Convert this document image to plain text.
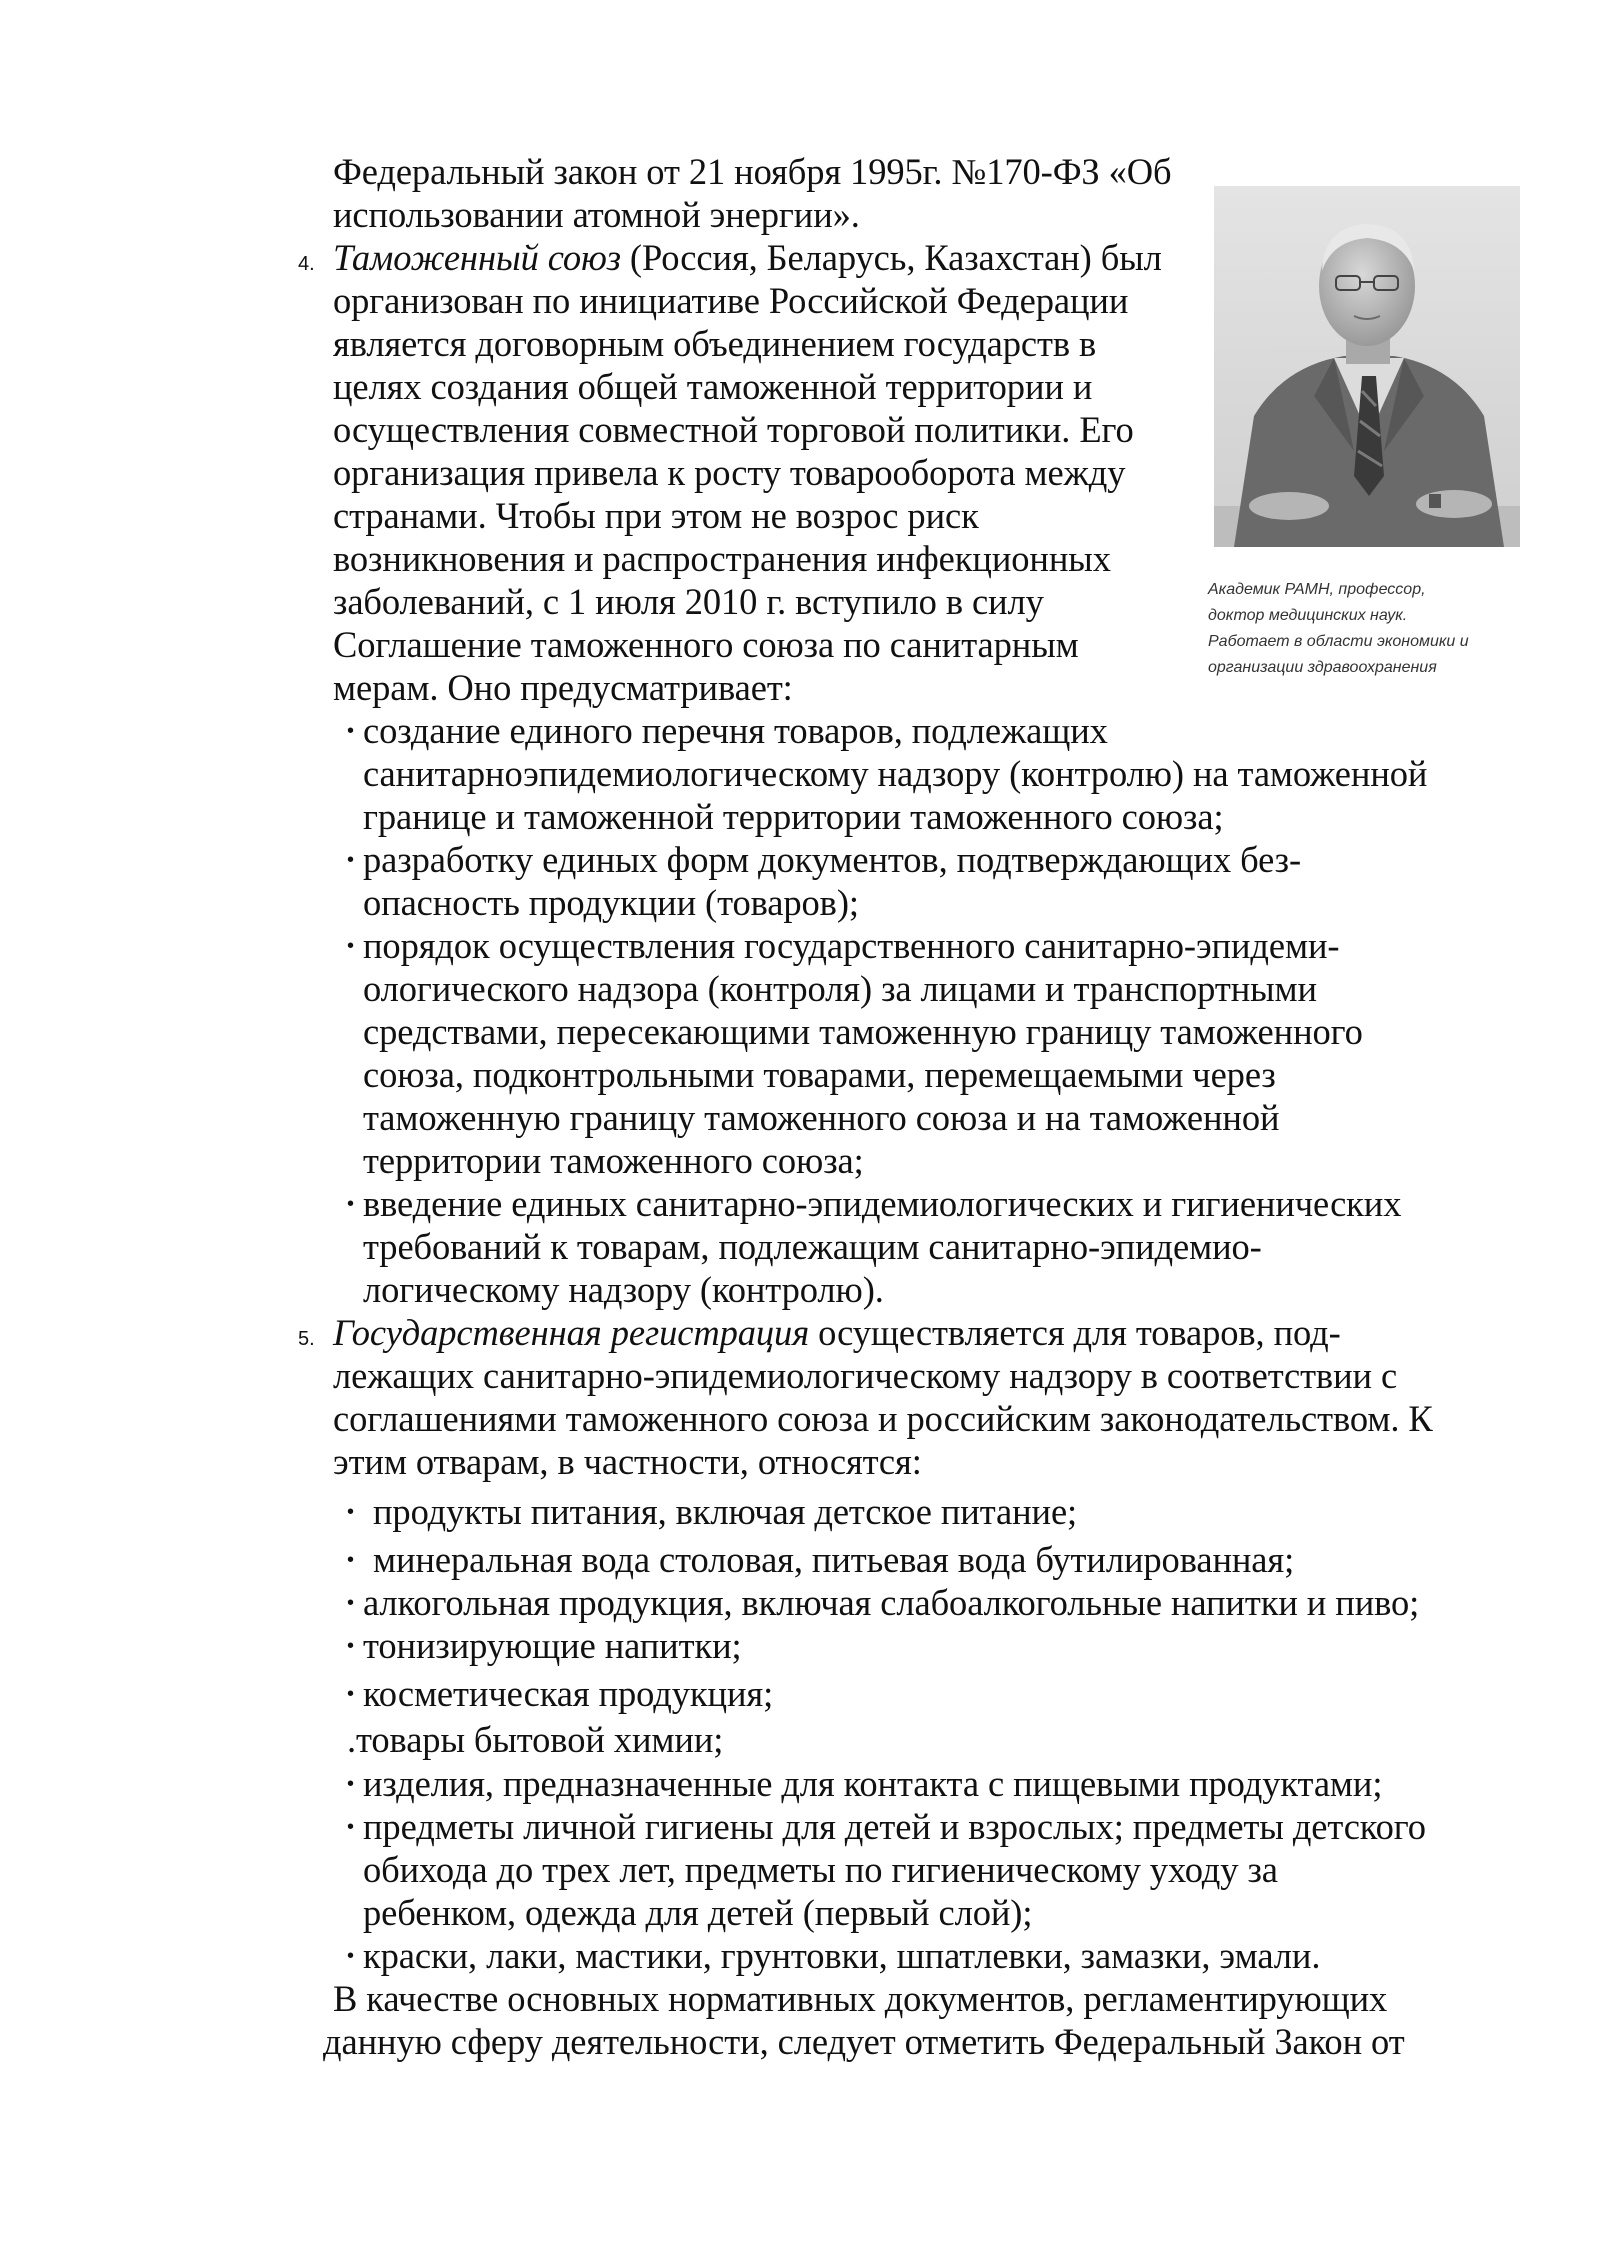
Федеральный закон от 21 ноября 1995г. №170-ФЗ «Об
использовании атомной энергии».
4. Таможенный союз (Россия, Беларусь, Казахстан) был
организован по инициативе Российской Федерации
является договорным объединением государств в
целях создания общей таможенной территории и
осуществления совместной торговой политики. Его
организация привела к росту товарооборота между
странами. Чтобы при этом не возрос риск
возникновения и распространения инфекционных
заболеваний, с 1 июля 2010 г. вступило в силу
Соглашение таможенного союза по санитарным
мерам. Оно предусматривает:
• создание единого перечня товаров, подлежащих
санитарноэпидемиологическому надзору (контролю) на таможенной
границе и таможенной территории таможенного союза;
• разработку единых форм документов, подтверждающих без-
опасность продукции (товаров);
• порядок осуществления государственного санитарно-эпидеми-
ологического надзора (контроля) за лицами и транспортными
средствами, пересекающими таможенную границу таможенного
союза, подконтрольными товарами, перемещаемыми через
таможенную границу таможенного союза и на таможенной
территории таможенного союза;
• введение единых санитарно-эпидемиологических и гигиенических
требований к товарам, подлежащим санитарно-эпидемио-
логическому надзору (контролю).
5. Государственная регистрация осуществляется для товаров, под-
лежащих санитарно-эпидемиологическому надзору в соответствии с
соглашениями таможенного союза и российским законодательством. К
этим отварам, в частности, относятся:
• продукты питания, включая детское питание;
• минеральная вода столовая, питьевая вода бутилированная;
• алкогольная продукция, включая слабоалкогольные напитки и пиво;
• тонизирующие напитки;
• косметическая продукция;
.товары бытовой химии;
• изделия, предназначенные для контакта с пищевыми продуктами;
• предметы личной гигиены для детей и взрослых; предметы детского
обихода до трех лет, предметы по гигиеническому уходу за
ребенком, одежда для детей (первый слой);
• краски, лаки, мастики, грунтовки, шпатлевки, замазки, эмали.
В качестве основных нормативных документов, регламентирующих
данную сферу деятельности, следует отметить Федеральный Закон от
Академик РАМН, профессор,
доктор медицинских наук.
Работает в области экономики и
организации здравоохранения
